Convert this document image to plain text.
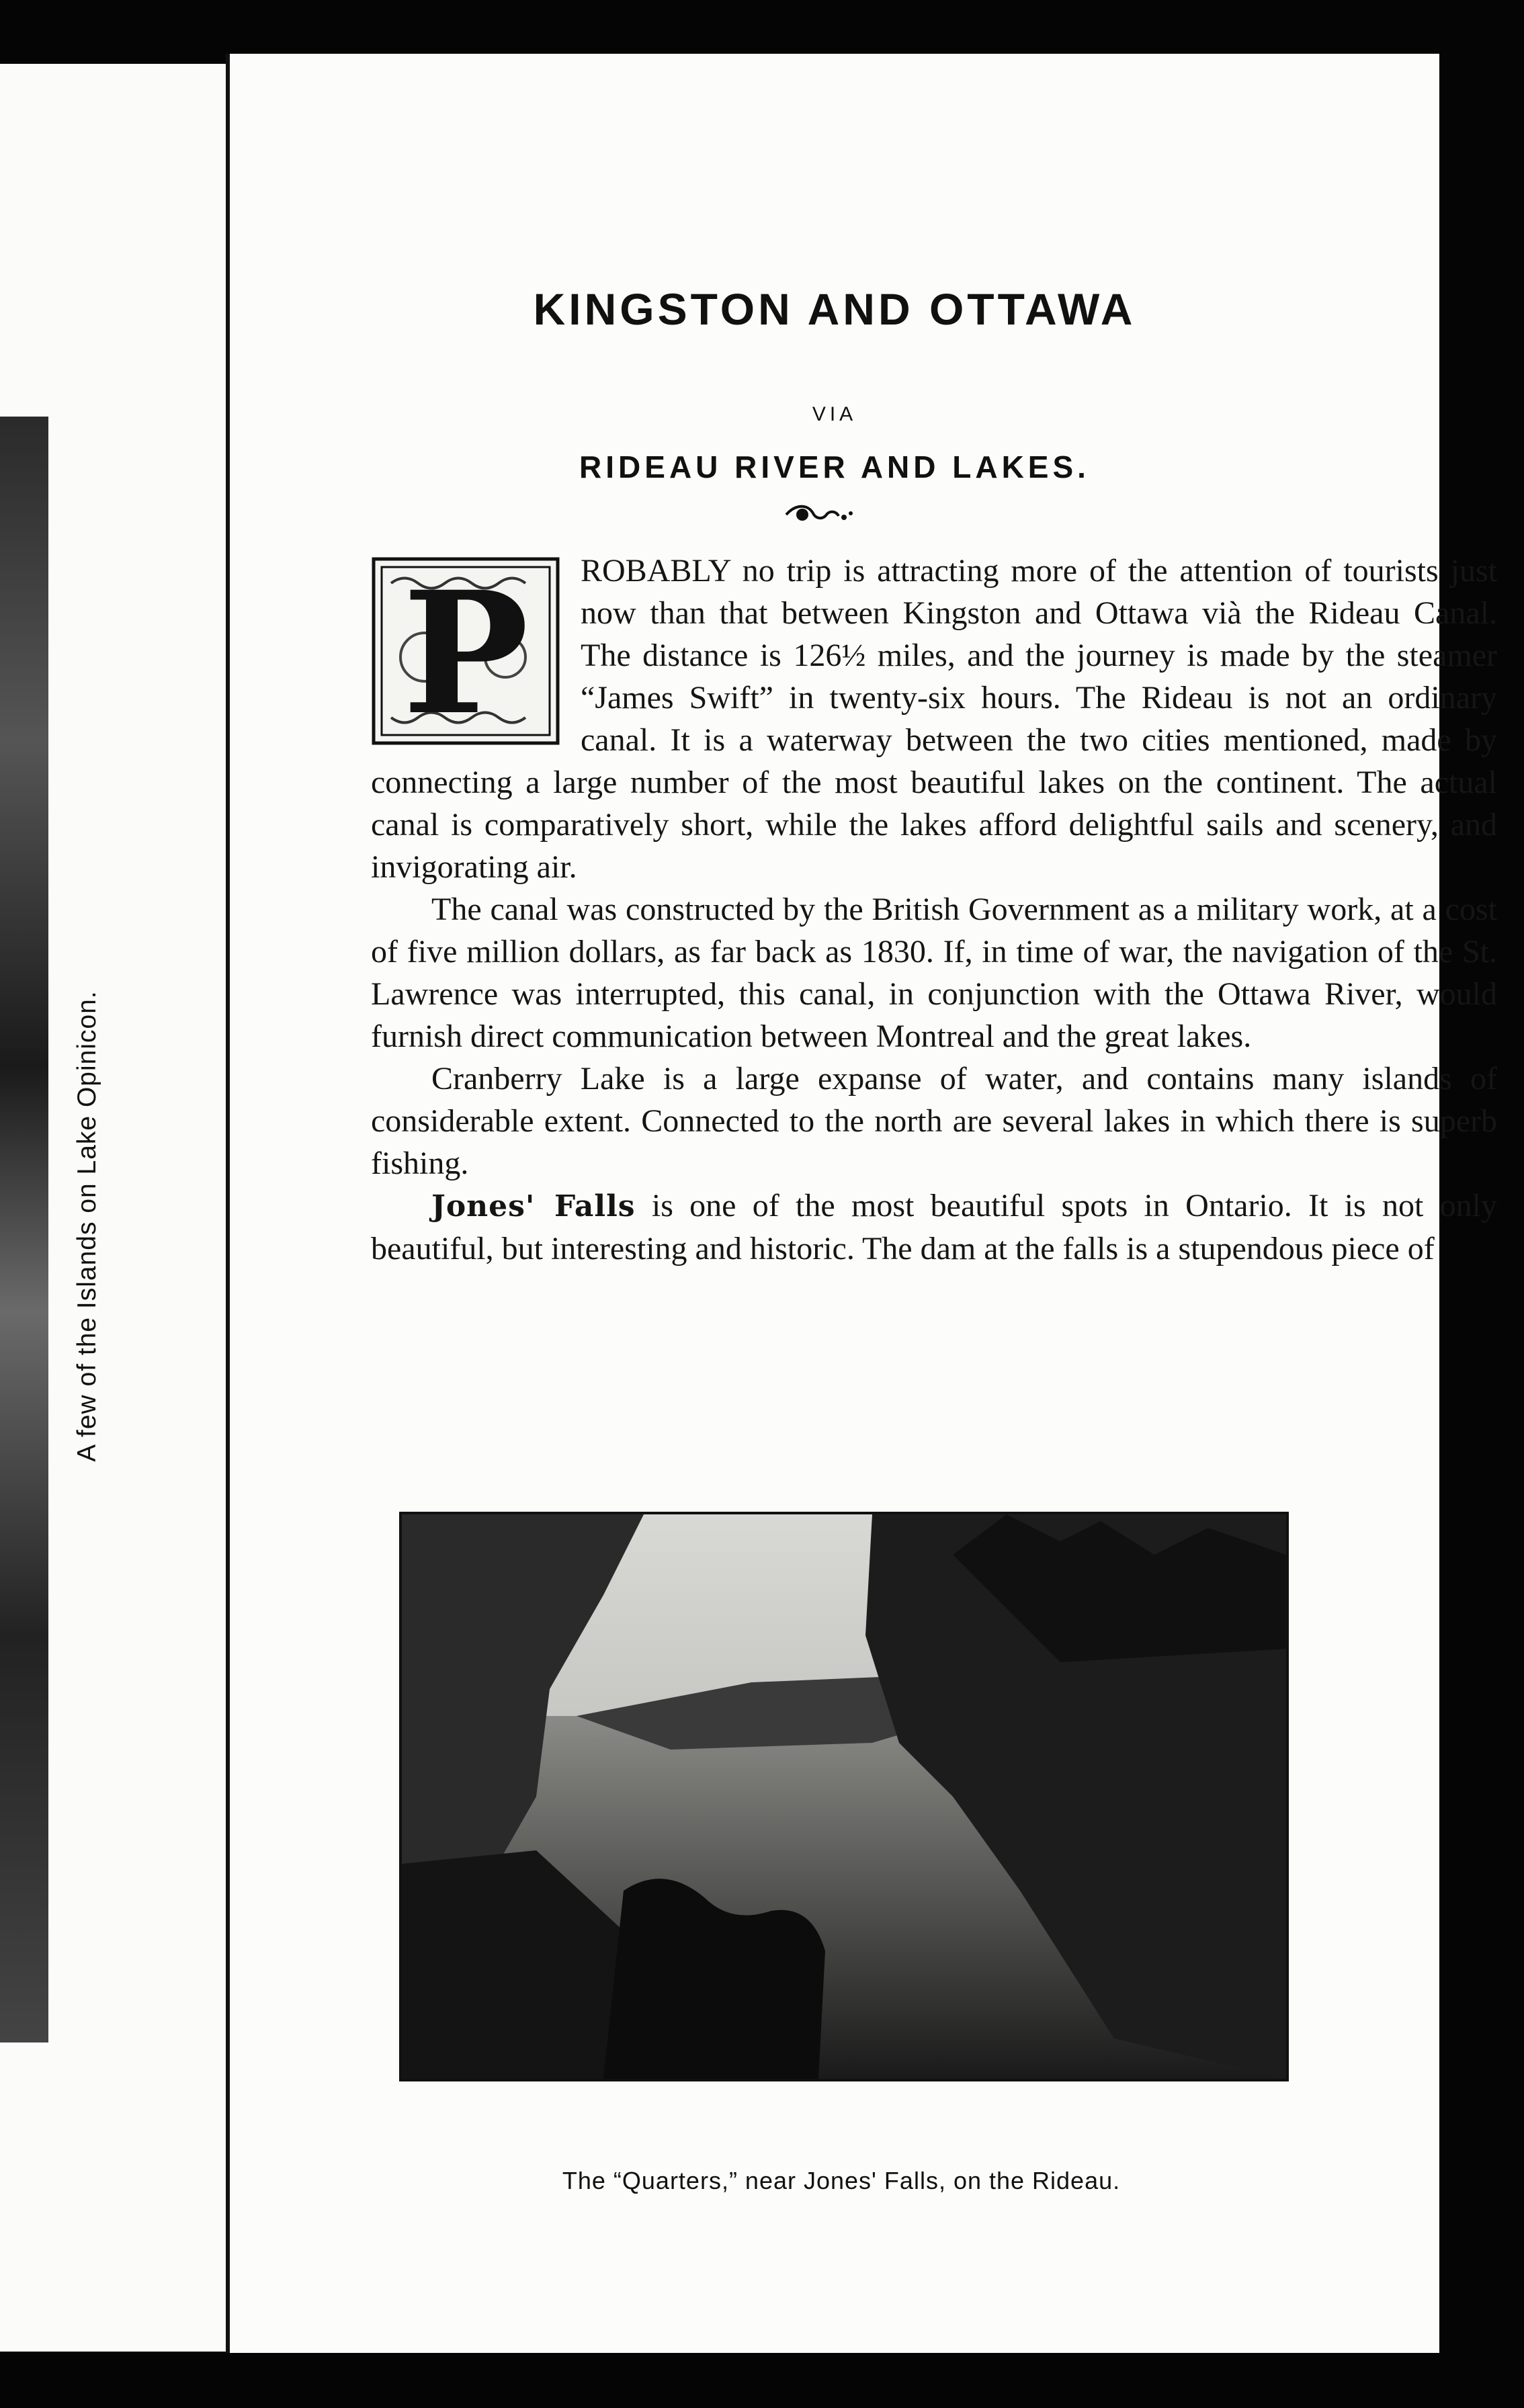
A few of the Islands on Lake Opinicon.
KINGSTON AND OTTAWA
VIA
RIDEAU RIVER AND LAKES.
P	ROBABLY no trip is attracting more of the attention of tourists just now than that between Kingston and Ottawa vià the Rideau Canal. The distance is 126½ miles, and the journey is made by the steamer “James Swift” in twenty-six hours. The Rideau is not an ordinary canal. It is a waterway between the two cities mentioned, made by connecting a large number of the most beautiful lakes on the continent. The actual canal is comparatively short, while the lakes afford delightful sails and scenery, and invigorating air.

The canal was constructed by the British Government as a military work, at a cost of five million dollars, as far back as 1830. If, in time of war, the navigation of the St. Lawrence was interrupted, this canal, in conjunction with the Ottawa River, would furnish direct communication between Montreal and the great lakes.

Cranberry Lake is a large expanse of water, and contains many islands of considerable extent. Connected to the north are several lakes in which there is superb fishing.

Jones' Falls is one of the most beautiful spots in Ontario. It is not only beautiful, but interesting and historic. The dam at the falls is a stupendous piece of

The “Quarters,” near Jones' Falls, on the Rideau.
